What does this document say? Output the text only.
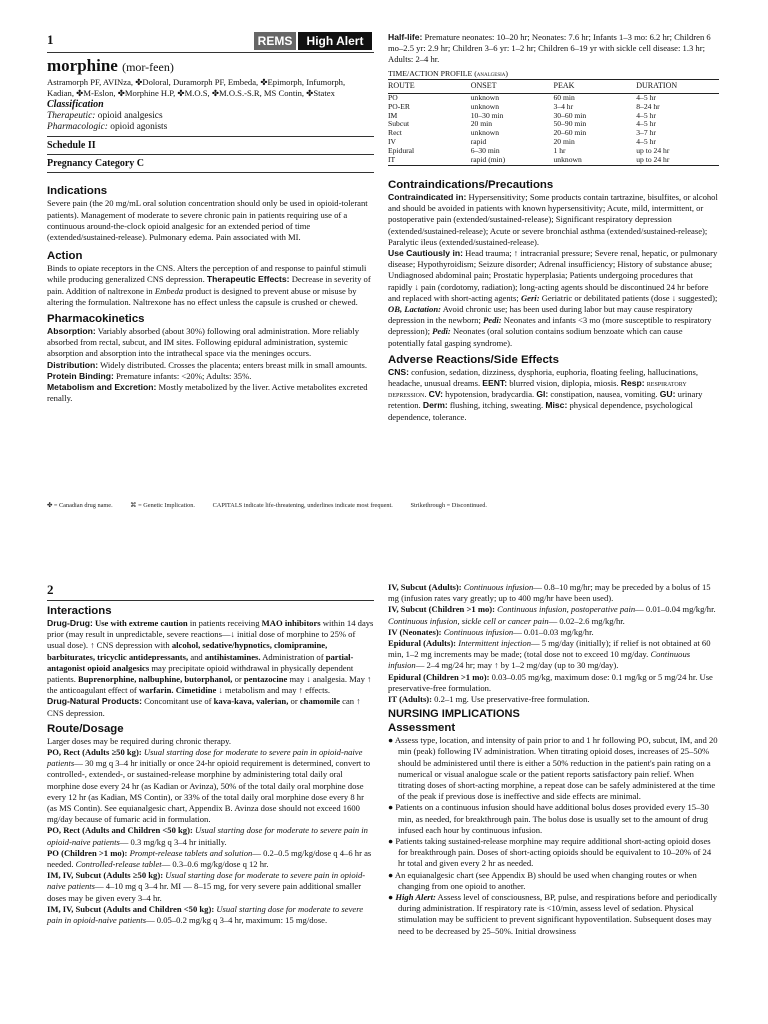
1	REMS	High Alert

morphine (mor-feen)

Astramorph PF, AVINza, ✤Doloral, Duramorph PF, Embeda, ✤Epimorph, Infumorph, Kadian, ✤M-Eslon, ✤Morphine H.P, ✤M.O.S, ✤M.O.S.-S.R, MS Contin, ✤Statex

Classification

Therapeutic: opioid analgesics

Pharmacologic: opioid agonists

Schedule II

Pregnancy Category C

Indications

Severe pain (the 20 mg/mL oral solution concentration should only be used in opioid-tolerant patients). Management of moderate to severe chronic pain in patients requiring use of a continuous around-the-clock opioid analgesic for an extended period of time (extended/sustained-release). Pulmonary edema. Pain associated with MI.

Action

Binds to opiate receptors in the CNS. Alters the perception of and response to painful stimuli while producing generalized CNS depression. Therapeutic Effects: Decrease in severity of pain. Addition of naltrexone in Embeda product is designed to prevent abuse or misuse by altering the formulation. Naltrexone has no effect unless the capsule is crushed or chewed.

Pharmacokinetics

Absorption: Variably absorbed (about 30%) following oral administration. More reliably absorbed from rectal, subcut, and IM sites. Following epidural administration, systemic absorption and absorption into the intrathecal space via the meninges occurs.

Distribution: Widely distributed. Crosses the placenta; enters breast milk in small amounts.

Protein Binding: Premature infants: <20%; Adults: 35%.

Metabolism and Excretion: Mostly metabolized by the liver. Active metabolites excreted renally.

Half-life: Premature neonates: 10–20 hr; Neonates: 7.6 hr; Infants 1–3 mo: 6.2 hr; Children 6 mo–2.5 yr: 2.9 hr; Children 3–6 yr: 1–2 hr; Children 6–19 yr with sickle cell disease: 1.3 hr; Adults: 2–4 hr.

TIME/ACTION PROFILE (analgesia)

ROUTE	ONSET	PEAK	DURATION
PO	unknown	60 min	4–5 hr
PO-ER	unknown	3–4 hr	8–24 hr
IM	10–30 min	30–60 min	4–5 hr
Subcut	20 min	50–90 min	4–5 hr
Rect	unknown	20–60 min	3–7 hr
IV	rapid	20 min	4–5 hr
Epidural	6–30 min	1 hr	up to 24 hr
IT	rapid (min)	unknown	up to 24 hr

Contraindications/Precautions

Contraindicated in: Hypersensitivity; Some products contain tartrazine, bisulfites, or alcohol and should be avoided in patients with known hypersensitivity; Acute, mild, intermittent, or postoperative pain (extended/sustained-release); Significant respiratory depression (extended/sustained-release); Acute or severe bronchial asthma (extended/sustained-release); Paralytic ileus (extended/sustained-release).

Use Cautiously in: Head trauma; ↑ intracranial pressure; Severe renal, hepatic, or pulmonary disease; Hypothyroidism; Seizure disorder; Adrenal insufficiency; History of substance abuse; Undiagnosed abdominal pain; Prostatic hyperplasia; Patients undergoing procedures that rapidly ↓ pain (cordotomy, radiation); long-acting agents should be discontinued 24 hr before and replaced with short-acting agents; Geri: Geriatric or debilitated patients (dose ↓ suggested); OB, Lactation: Avoid chronic use; has been used during labor but may cause respiratory depression in the newborn; Pedi: Neonates and infants <3 mo (more susceptible to respiratory depression); Pedi: Neonates (oral solution contains sodium benzoate which can cause potentially fatal gasping syndrome).

Adverse Reactions/Side Effects

CNS: confusion, sedation, dizziness, dysphoria, euphoria, floating feeling, hallucinations, headache, unusual dreams. EENT: blurred vision, diplopia, miosis. Resp: respiratory depression. CV: hypotension, bradycardia. GI: constipation, nausea, vomiting. GU: urinary retention. Derm: flushing, itching, sweating. Misc: physical dependence, psychological dependence, tolerance.

✤ = Canadian drug name.	⌘ = Genetic Implication.	CAPITALS indicate life-threatening, underlines indicate most frequent.	Strikethrough = Discontinued.
2

Interactions

Drug-Drug: Use with extreme caution in patients receiving MAO inhibitors within 14 days prior (may result in unpredictable, severe reactions—↓ initial dose of morphine to 25% of usual dose). ↑ CNS depression with alcohol, sedative/hypnotics, clomipramine, barbiturates, tricyclic antidepressants, and antihistamines. Administration of partial-antagonist opioid analgesics may precipitate opioid withdrawal in physically dependent patients. Buprenorphine, nalbuphine, butorphanol, or pentazocine may ↓ analgesia. May ↑ the anticoagulant effect of warfarin. Cimetidine ↓ metabolism and may ↑ effects.

Drug-Natural Products: Concomitant use of kava-kava, valerian, or chamomile can ↑ CNS depression.

Route/Dosage

Larger doses may be required during chronic therapy.

PO, Rect (Adults ≥50 kg): Usual starting dose for moderate to severe pain in opioid-naive patients— 30 mg q 3–4 hr initially or once 24-hr opioid requirement is determined, convert to controlled-, extended-, or sustained-release morphine by administering total daily oral morphine dose every 24 hr (as Kadian or Avinza), 50% of the total daily oral morphine dose every 12 hr (as Kadian, MS Contin), or 33% of the total daily oral morphine dose every 8 hr (as MS Contin). See equianalgesic chart, Appendix B. Avinza dose should not exceed 1600 mg/day because of fumaric acid in formulation.

PO, Rect (Adults and Children <50 kg): Usual starting dose for moderate to severe pain in opioid-naive patients— 0.3 mg/kg q 3–4 hr initially.

PO (Children >1 mo): Prompt-release tablets and solution— 0.2–0.5 mg/kg/dose q 4–6 hr as needed. Controlled-release tablet— 0.3–0.6 mg/kg/dose q 12 hr.

IM, IV, Subcut (Adults ≥50 kg): Usual starting dose for moderate to severe pain in opioid-naive patients— 4–10 mg q 3–4 hr. MI — 8–15 mg, for very severe pain additional smaller doses may be given every 3–4 hr.

IM, IV, Subcut (Adults and Children <50 kg): Usual starting dose for moderate to severe pain in opioid-naive patients— 0.05–0.2 mg/kg q 3–4 hr, maximum: 15 mg/dose.

IV, Subcut (Adults): Continuous infusion— 0.8–10 mg/hr; may be preceded by a bolus of 15 mg (infusion rates vary greatly; up to 400 mg/hr have been used).

IV, Subcut (Children >1 mo): Continuous infusion, postoperative pain— 0.01–0.04 mg/kg/hr. Continuous infusion, sickle cell or cancer pain— 0.02–2.6 mg/kg/hr.

IV (Neonates): Continuous infusion— 0.01–0.03 mg/kg/hr.

Epidural (Adults): Intermittent injection— 5 mg/day (initially); if relief is not obtained at 60 min, 1–2 mg increments may be made; (total dose not to exceed 10 mg/day. Continuous infusion— 2–4 mg/24 hr; may ↑ by 1–2 mg/day (up to 30 mg/day).

Epidural (Children >1 mo): 0.03–0.05 mg/kg, maximum dose: 0.1 mg/kg or 5 mg/24 hr. Use preservative-free formulation.

IT (Adults): 0.2–1 mg. Use preservative-free formulation.

NURSING IMPLICATIONS

Assessment

● Assess type, location, and intensity of pain prior to and 1 hr following PO, subcut, IM, and 20 min (peak) following IV administration. When titrating opioid doses, increases of 25–50% should be administered until there is either a 50% reduction in the patient's pain rating on a numerical or visual analogue scale or the patient reports satisfactory pain relief. When titrating doses of short-acting morphine, a repeat dose can be safely administered at the time of the peak if previous dose is ineffective and side effects are minimal.

● Patients on a continuous infusion should have additional bolus doses provided every 15–30 min, as needed, for breakthrough pain. The bolus dose is usually set to the amount of drug infused each hour by continuous infusion.

● Patients taking sustained-release morphine may require additional short-acting opioid doses for breakthrough pain. Doses of short-acting opioids should be equivalent to 10–20% of 24 hr total and given every 2 hr as needed.

● An equianalgesic chart (see Appendix B) should be used when changing routes or when changing from one opioid to another.

● High Alert: Assess level of consciousness, BP, pulse, and respirations before and periodically during administration. If respiratory rate is <10/min, assess level of sedation. Physical stimulation may be sufficient to prevent significant hypoventilation. Subsequent doses may need to be decreased by 25–50%. Initial drowsiness
